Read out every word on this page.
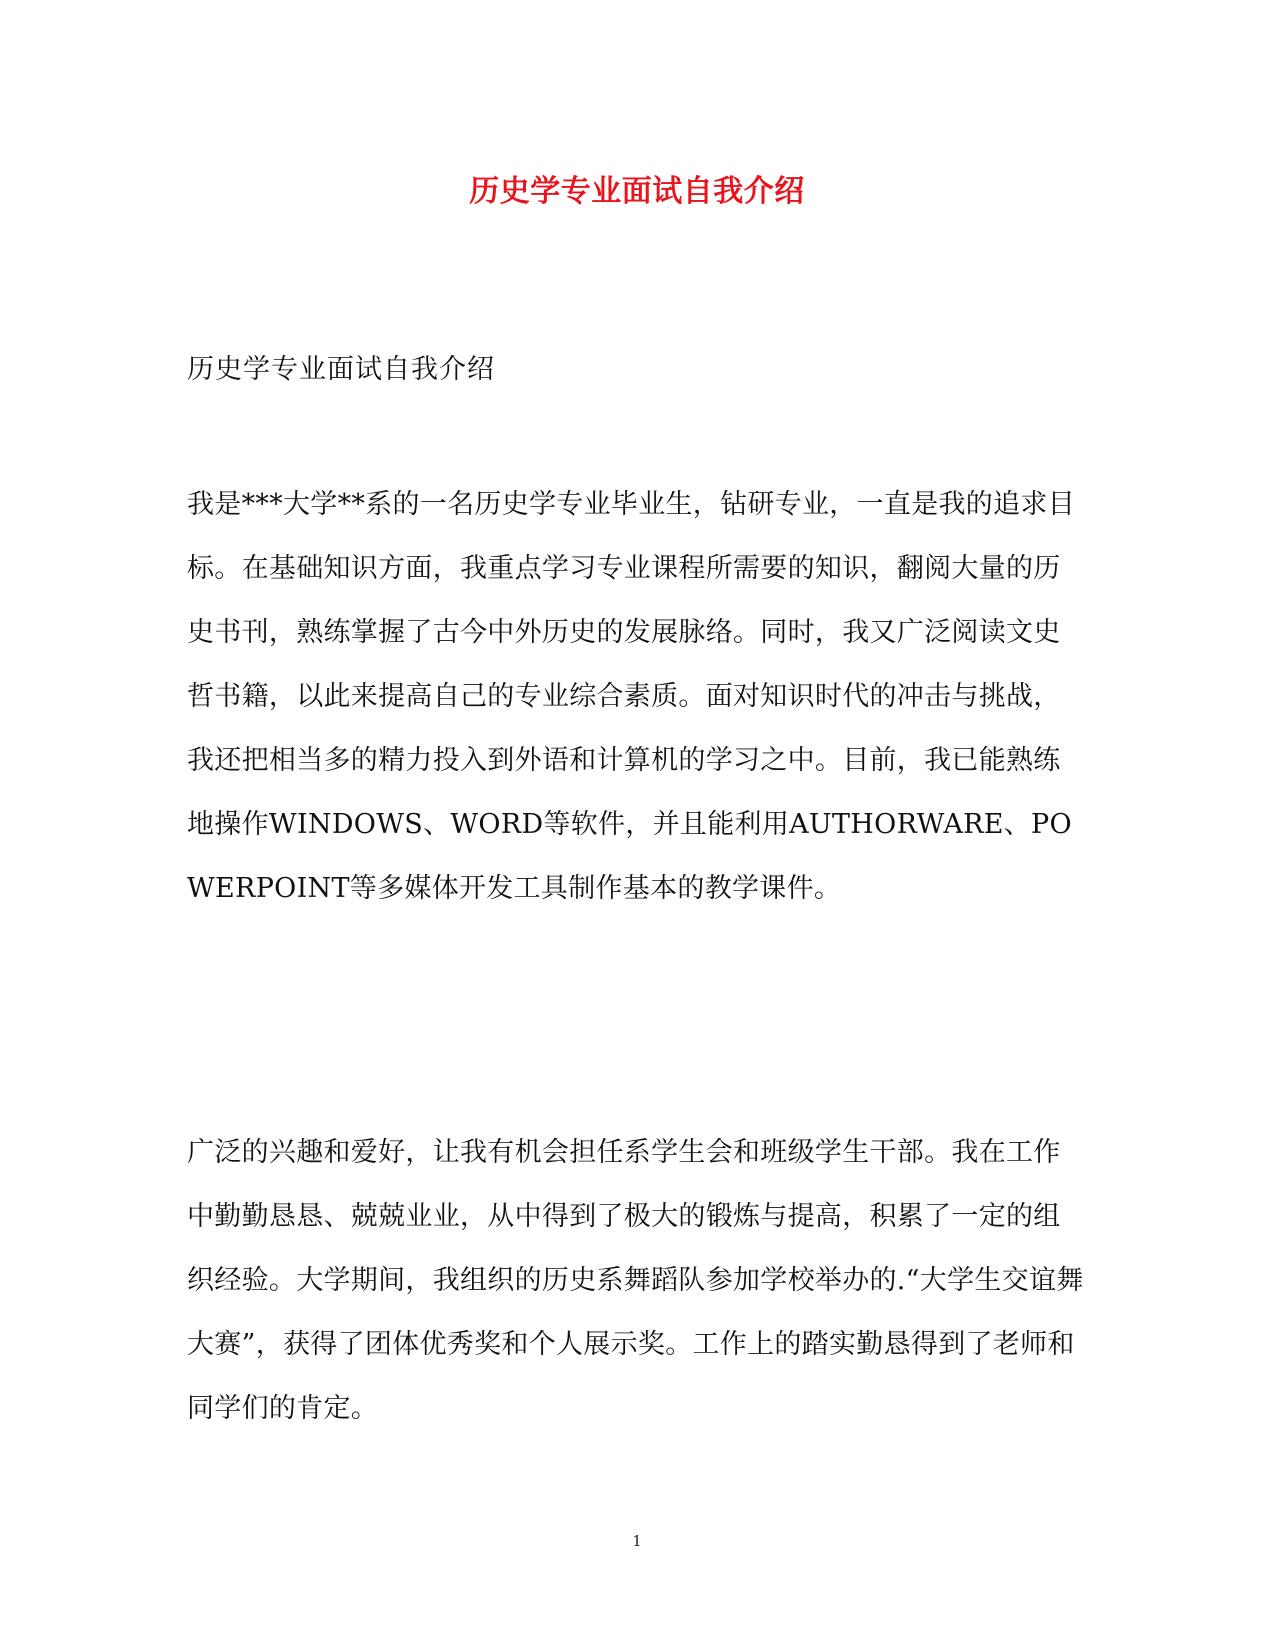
历史学专业面试自我介绍

历史学专业面试自我介绍

我是***大学**系的一名历史学专业毕业生，钻研专业，一直是我的追求目标。在基础知识方面，我重点学习专业课程所需要的知识，翻阅大量的历史书刊，熟练掌握了古今中外历史的发展脉络。同时，我又广泛阅读文史哲书籍，以此来提高自己的专业综合素质。面对知识时代的冲击与挑战，我还把相当多的精力投入到外语和计算机的学习之中。目前，我已能熟练地操作WINDOWS、WORD等软件，并且能利用AUTHORWARE、POWERPOINT等多媒体开发工具制作基本的教学课件。

广泛的兴趣和爱好，让我有机会担任系学生会和班级学生干部。我在工作中勤勤恳恳、兢兢业业，从中得到了极大的锻炼与提高，积累了一定的组织经验。大学期间，我组织的历史系舞蹈队参加学校举办的.“大学生交谊舞大赛”，获得了团体优秀奖和个人展示奖。工作上的踏实勤恳得到了老师和同学们的肯定。

1
